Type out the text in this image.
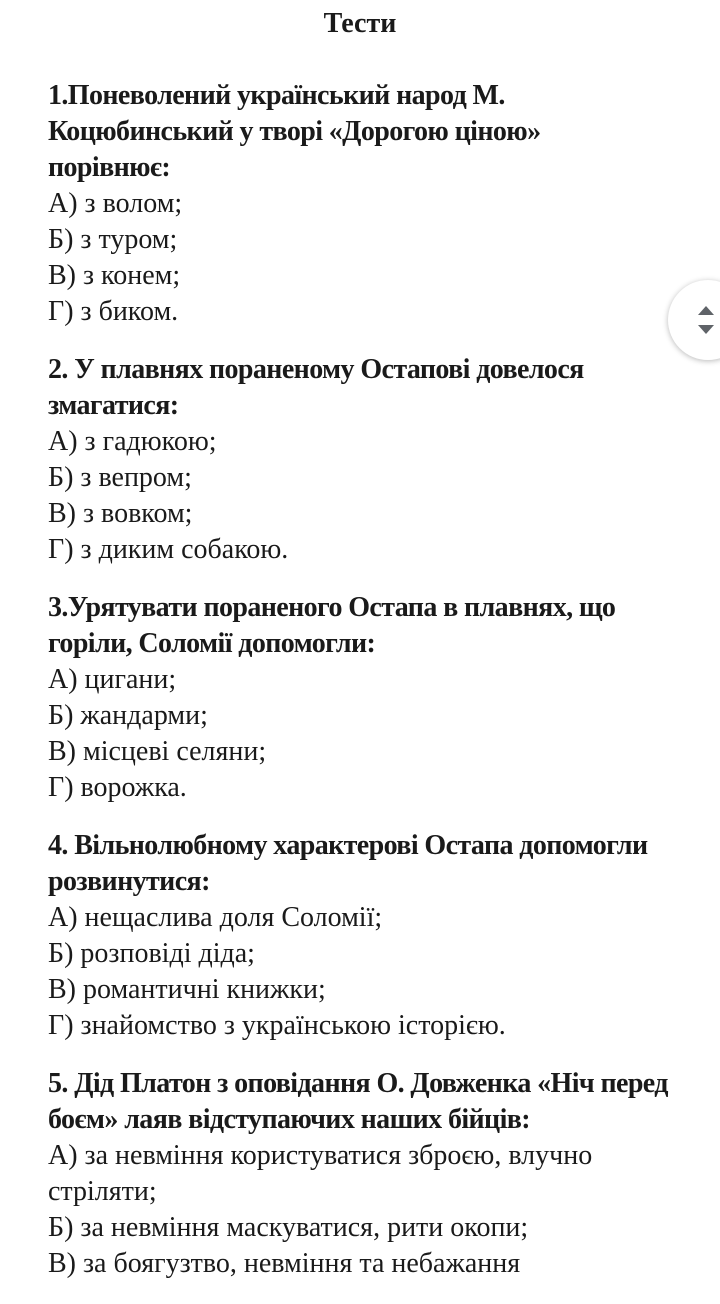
Тести

1.Поневолений український народ М. Коцюбинський у творі «Дорогою ціною» порівнює:

А) з волом;

Б) з туром;

В) з конем;

Г) з биком.

2. У плавнях пораненому Остапові довелося змагатися:

А) з гадюкою;

Б) з вепром;

В) з вовком;

Г) з диким собакою.

3.Урятувати пораненого Остапа в плавнях, що горіли, Соломії допомогли:

А) цигани;

Б) жандарми;

В) місцеві селяни;

Г) ворожка.

4. Вільнолюбному характерові Остапа допомогли розвинутися:

А) нещаслива доля Соломії;

Б) розповіді діда;

В) романтичні книжки;

Г) знайомство з українською історією.

5. Дід Платон з оповідання О. Довженка «Ніч перед боєм» лаяв відступаючих наших бійців:

А) за невміння користуватися зброєю, влучно стріляти;

Б) за невміння маскуватися, рити окопи;

В) за боягузтво, невміння та небажання
